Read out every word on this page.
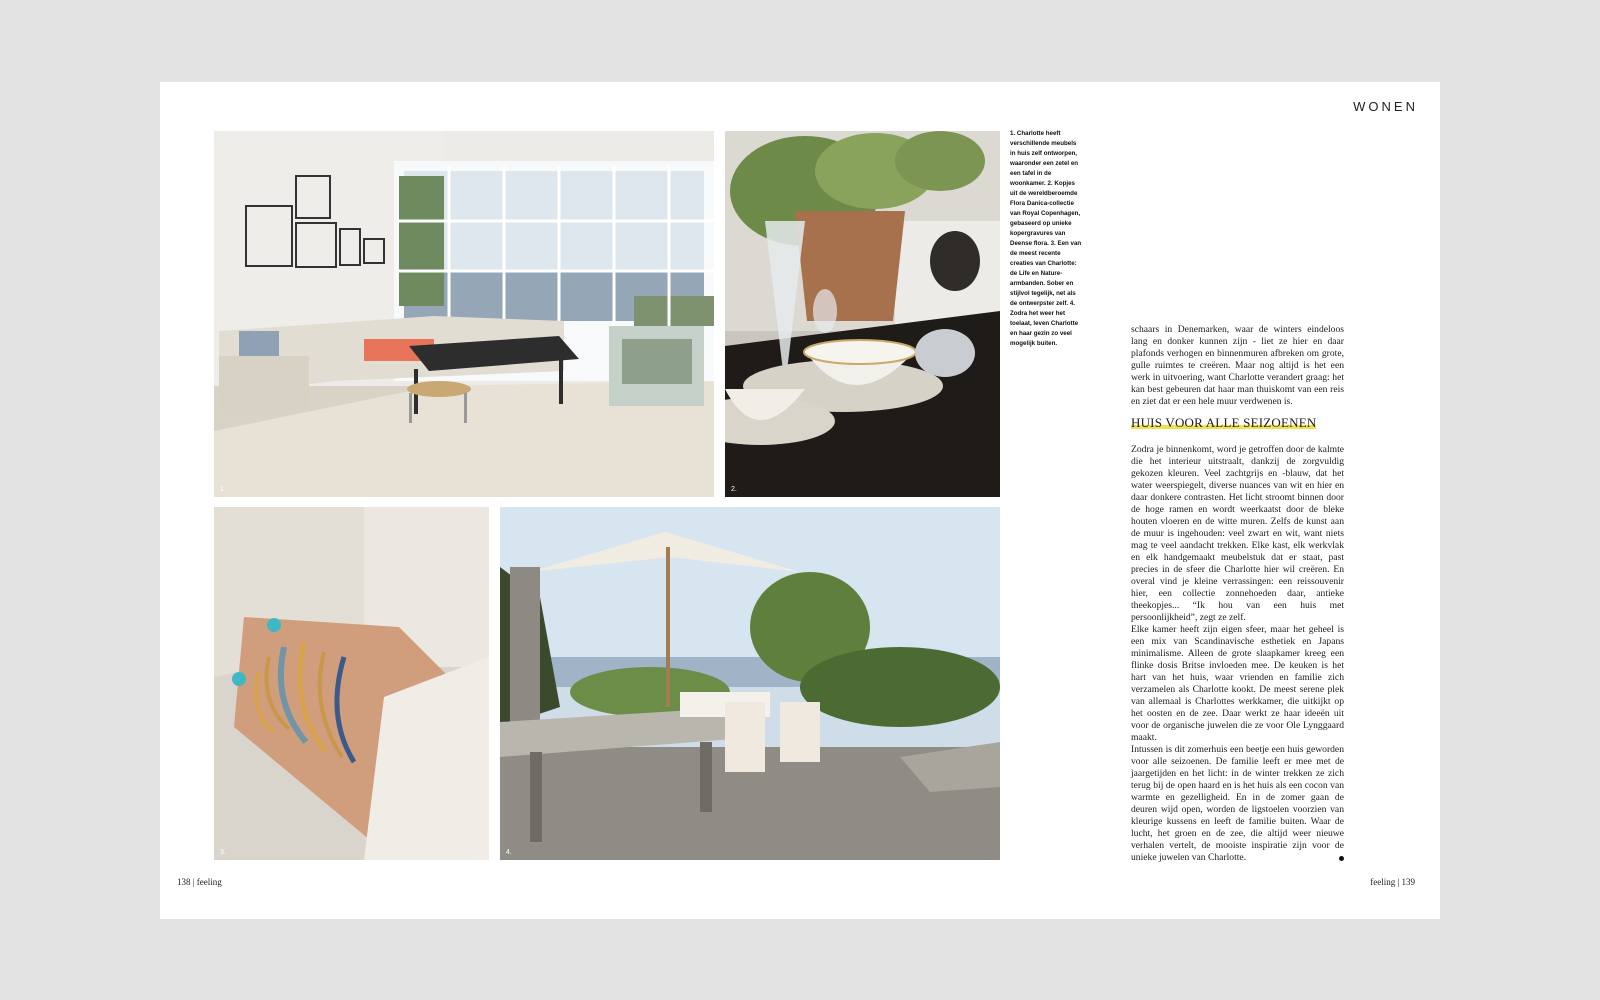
1.	2.
3.	4.
1. Charlotte heeft verschillende meubels in huis zelf ontworpen, waaronder een zetel en een tafel in de woonkamer. 2. Kopjes uit de wereldberoemde Flora Danica-collectie van Royal Copenhagen, gebaseerd op unieke kopergravures van Deense flora. 3. Een van de meest recente creaties van Charlotte: de Life en Nature-armbanden. Sober en stijlvol tegelijk, net als de ontwerpster zelf. 4. Zodra het weer het toelaat, leven Charlotte en haar gezin zo veel mogelijk buiten.
WONEN

schaars in Denemarken, waar de winters eindeloos lang en donker kunnen zijn - liet ze hier en daar plafonds verhogen en binnenmuren afbreken om grote, gulle ruimtes te creëren. Maar nog altijd is het een werk in uitvoering, want Charlotte verandert graag: het kan best gebeuren dat haar man thuiskomt van een reis en ziet dat er een hele muur verdwenen is.

HUIS VOOR ALLE SEIZOENEN

Zodra je binnenkomt, word je getroffen door de kalmte die het interieur uitstraalt, dankzij de zorgvuldig gekozen kleuren. Veel zachtgrijs en -blauw, dat het water weerspiegelt, diverse nuances van wit en hier en daar donkere contrasten. Het licht stroomt binnen door de hoge ramen en wordt weerkaatst door de bleke houten vloeren en de witte muren. Zelfs de kunst aan de muur is ingehouden: veel zwart en wit, want niets mag te veel aandacht trekken. Elke kast, elk werkvlak en elk handgemaakt meubelstuk dat er staat, past precies in de sfeer die Charlotte hier wil creëren. En overal vind je kleine verrassingen: een reissouvenir hier, een collectie zonnehoeden daar, antieke theekopjes... “Ik hou van een huis met persoonlijkheid”, zegt ze zelf.

Elke kamer heeft zijn eigen sfeer, maar het geheel is een mix van Scandinavische esthetiek en Japans minimalisme. Alleen de grote slaapkamer kreeg een flinke dosis Britse invloeden mee. De keuken is het hart van het huis, waar vrienden en familie zich verzamelen als Charlotte kookt. De meest serene plek van allemaal is Charlottes werkkamer, die uitkijkt op het oosten en de zee. Daar werkt ze haar ideeën uit voor de organische juwelen die ze voor Ole Lynggaard maakt.

Intussen is dit zomerhuis een beetje een huis geworden voor alle seizoenen. De familie leeft er mee met de jaargetijden en het licht: in de winter trekken ze zich terug bij de open haard en is het huis als een cocon van warmte en gezelligheid. En in de zomer gaan de deuren wijd open, worden de ligstoelen voorzien van kleurige kussens en leeft de familie buiten. Waar de lucht, het groen en de zee, die altijd weer nieuwe verhalen vertelt, de mooiste inspiratie zijn voor de unieke juwelen van Charlotte.

138 | feeling	feeling | 139
